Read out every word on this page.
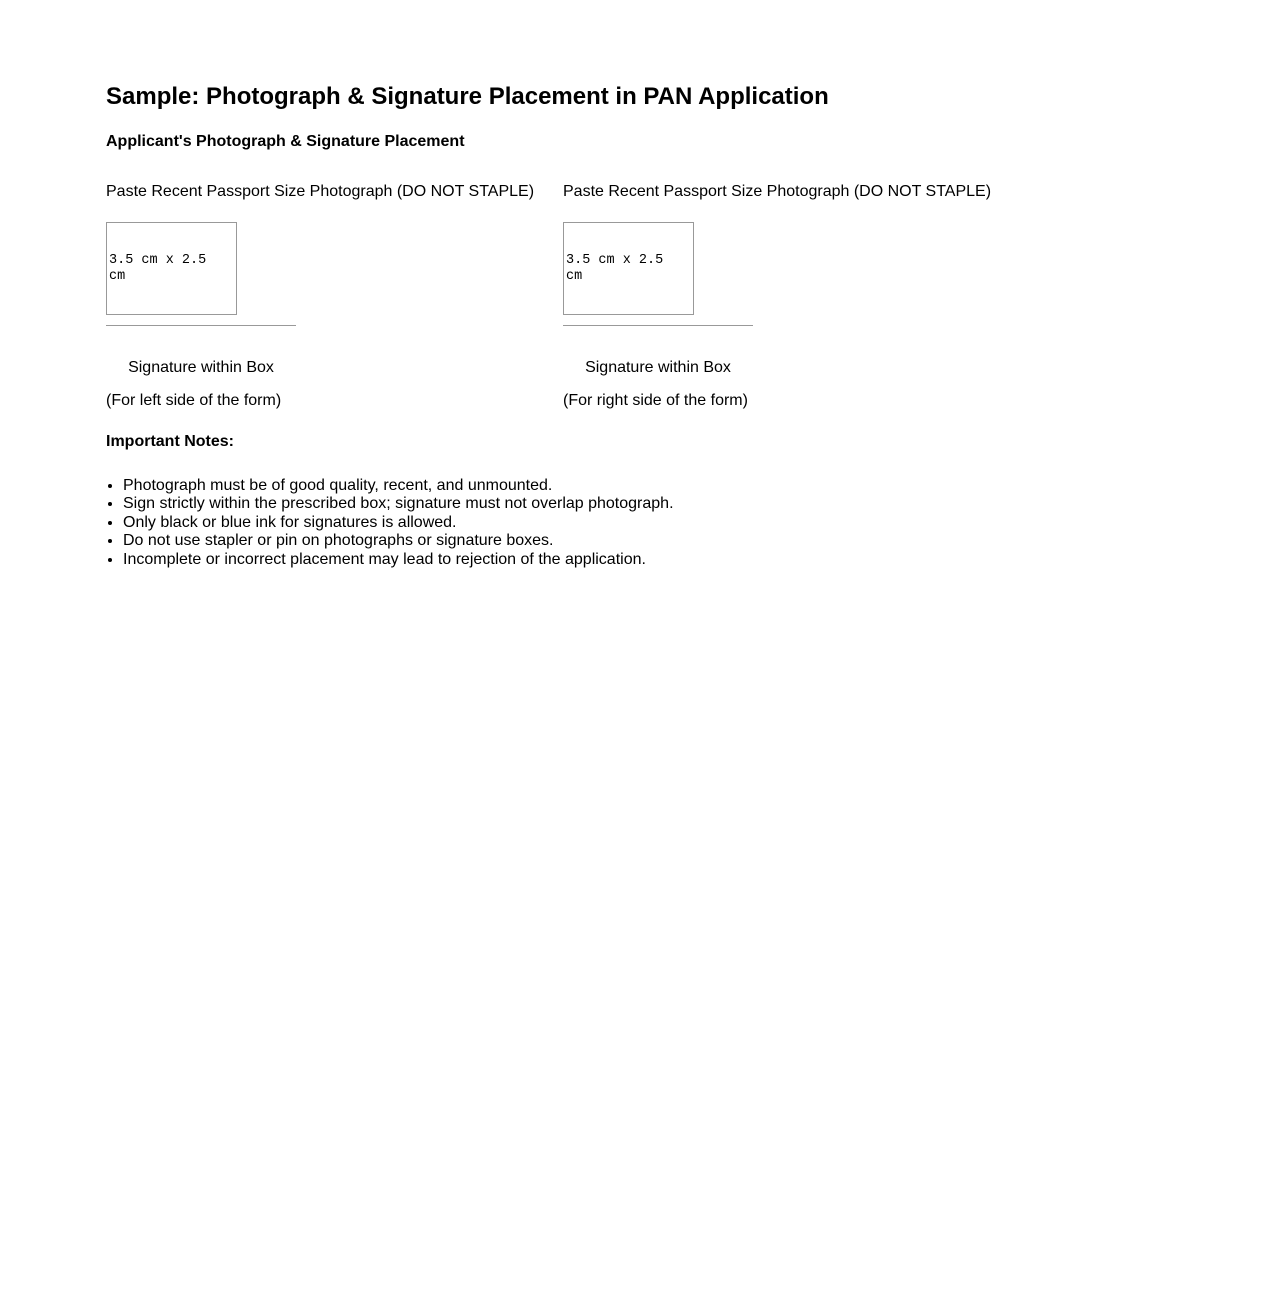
Sample: Photograph & Signature Placement in PAN Application
Applicant's Photograph & Signature Placement

Paste Recent Passport Size Photograph (DO NOT STAPLE)

3.5 cm x 2.5 cm

Signature within Box

(For left side of the form)

Paste Recent Passport Size Photograph (DO NOT STAPLE)

3.5 cm x 2.5 cm

Signature within Box

(For right side of the form)

Important Notes:
• Photograph must be of good quality, recent, and unmounted.
• Sign strictly within the prescribed box; signature must not overlap photograph.
• Only black or blue ink for signatures is allowed.
• Do not use stapler or pin on photographs or signature boxes.
• Incomplete or incorrect placement may lead to rejection of the application.
